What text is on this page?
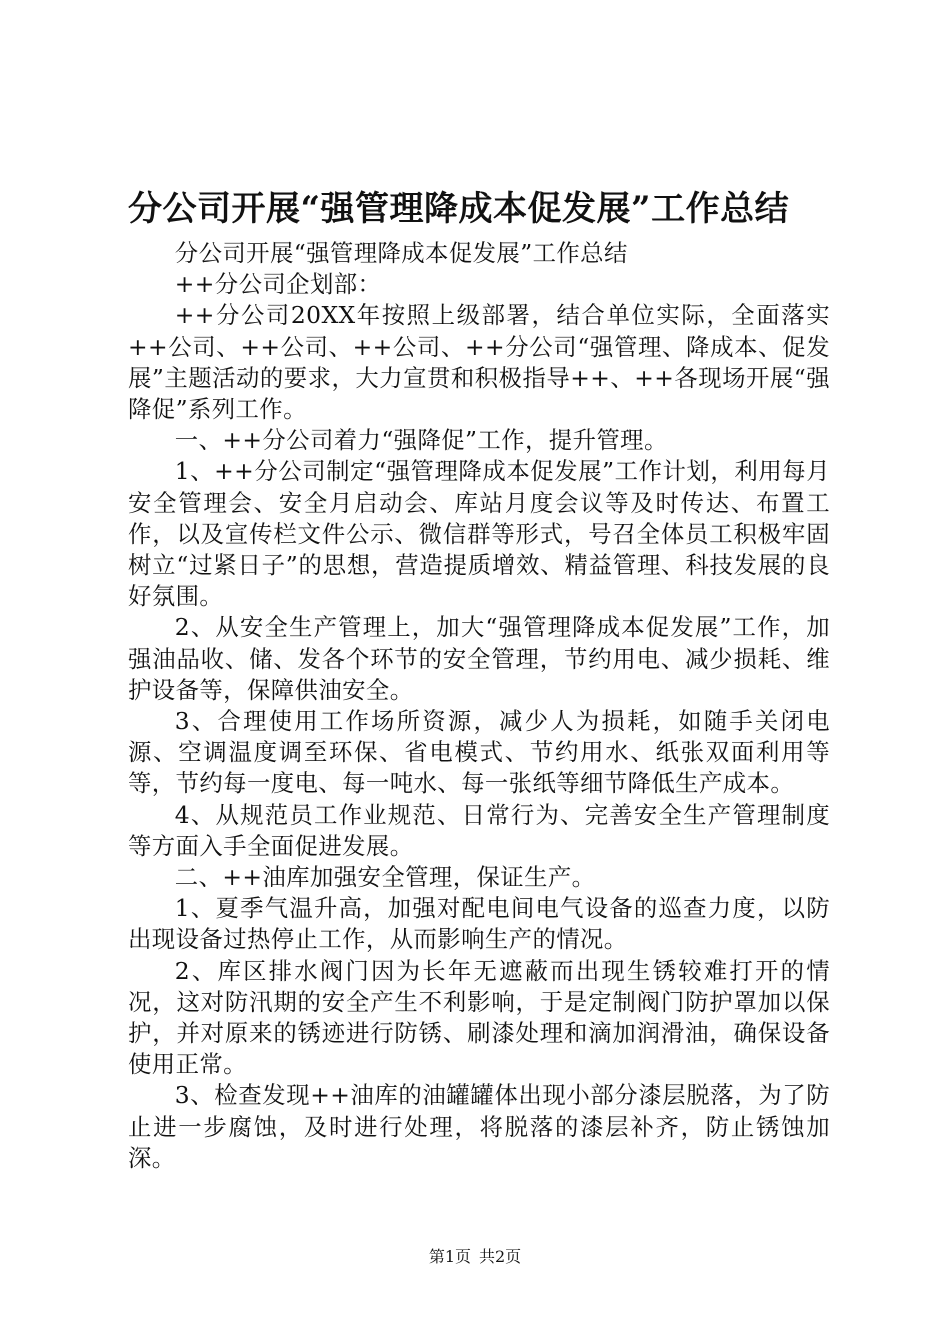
分公司开展“强管理降成本促发展”工作总结

分公司开展“强管理降成本促发展”工作总结

++分公司企划部：

++分公司20XX年按照上级部署，结合单位实际，全面落实++公司、++公司、++公司、++分公司“强管理、降成本、促发展”主题活动的要求，大力宣贯和积极指导++、++各现场开展“强降促”系列工作。

一、++分公司着力“强降促”工作，提升管理。

1、++分公司制定“强管理降成本促发展”工作计划，利用每月安全管理会、安全月启动会、库站月度会议等及时传达、布置工作，以及宣传栏文件公示、微信群等形式，号召全体员工积极牢固树立“过紧日子”的思想，营造提质增效、精益管理、科技发展的良好氛围。

2、从安全生产管理上，加大“强管理降成本促发展”工作，加强油品收、储、发各个环节的安全管理，节约用电、减少损耗、维护设备等，保障供油安全。

3、合理使用工作场所资源，减少人为损耗，如随手关闭电源、空调温度调至环保、省电模式、节约用水、纸张双面利用等等，节约每一度电、每一吨水、每一张纸等细节降低生产成本。

4、从规范员工作业规范、日常行为、完善安全生产管理制度等方面入手全面促进发展。

二、++油库加强安全管理，保证生产。

1、夏季气温升高，加强对配电间电气设备的巡查力度，以防出现设备过热停止工作，从而影响生产的情况。

2、库区排水阀门因为长年无遮蔽而出现生锈较难打开的情况，这对防汛期的安全产生不利影响，于是定制阀门防护罩加以保护，并对原来的锈迹进行防锈、刷漆处理和滴加润滑油，确保设备使用正常。

3、检查发现++油库的油罐罐体出现小部分漆层脱落，为了防止进一步腐蚀，及时进行处理，将脱落的漆层补齐，防止锈蚀加深。

第1页 共2页
